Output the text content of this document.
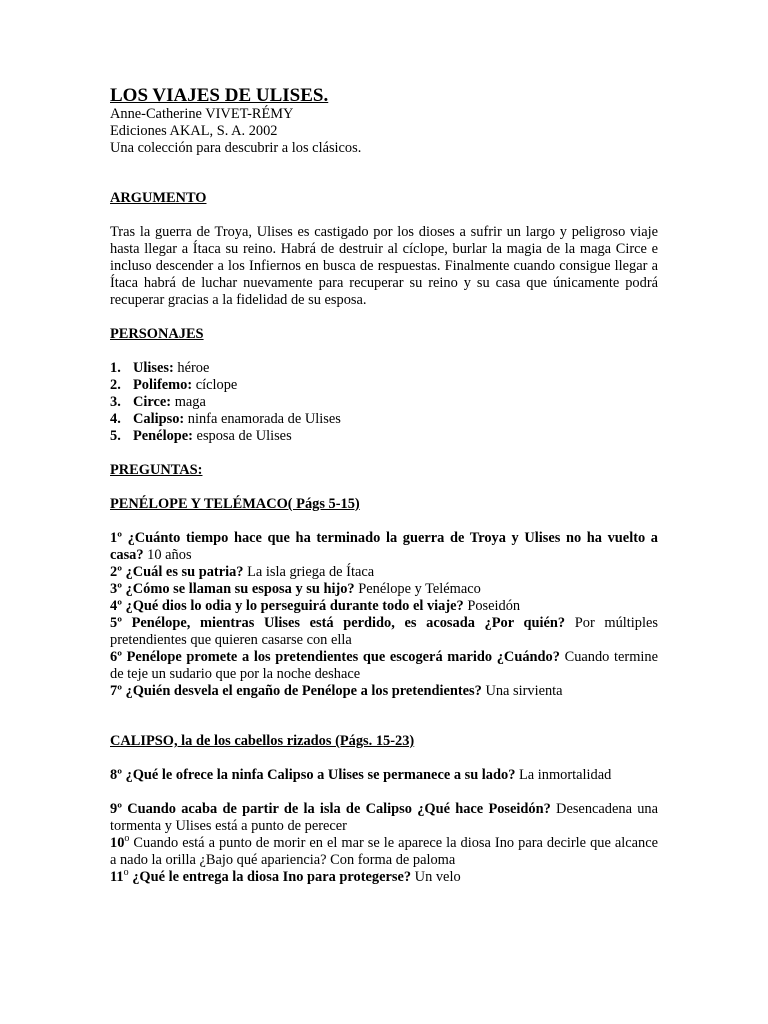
LOS VIAJES DE ULISES.
Anne-Catherine VIVET-RÉMY
Ediciones AKAL, S. A. 2002
Una colección para descubrir a los clásicos.
ARGUMENTO

Tras la guerra de Troya, Ulises es castigado por los dioses a sufrir un largo y peligroso viaje hasta llegar a Ítaca su reino. Habrá de destruir al cíclope, burlar la magia de la maga Circe e incluso descender a los Infiernos en busca de respuestas. Finalmente cuando consigue llegar a Ítaca habrá de luchar nuevamente para recuperar su reino y su casa que únicamente podrá recuperar gracias a la fidelidad de su esposa.

PERSONAJES
1. Ulises: héroe
2. Polifemo: cíclope
3. Circe: maga
4. Calipso: ninfa enamorada de Ulises
5. Penélope: esposa de Ulises
PREGUNTAS:
PENÉLOPE Y TELÉMACO( Págs 5-15)

1º ¿Cuánto tiempo hace que ha terminado la guerra de Troya y Ulises no ha vuelto a casa? 10 años

2º ¿Cuál es su patria? La isla griega de Ítaca

3º ¿Cómo se llaman su esposa y su hijo? Penélope y Telémaco

4º ¿Qué dios lo odia y lo perseguirá durante todo el viaje? Poseidón

5º Penélope, mientras Ulises está perdido, es acosada ¿Por quién? Por múltiples pretendientes que quieren casarse con ella

6º Penélope promete a los pretendientes que escogerá marido ¿Cuándo? Cuando termine de teje un sudario que por la noche deshace

7º ¿Quién desvela el engaño de Penélope a los pretendientes? Una sirvienta

CALIPSO, la de los cabellos rizados (Págs. 15-23)

8º ¿Qué le ofrece la ninfa Calipso a Ulises se permanece a su lado? La inmortalidad

9º Cuando acaba de partir de la isla de Calipso ¿Qué hace Poseidón? Desencadena una tormenta y Ulises está a punto de perecer

10$^o$ Cuando está a punto de morir en el mar se le aparece la diosa Ino para decirle que alcance a nado la orilla ¿Bajo qué apariencia? Con forma de paloma

11$^o$ ¿Qué le entrega la diosa Ino para protegerse? Un velo
